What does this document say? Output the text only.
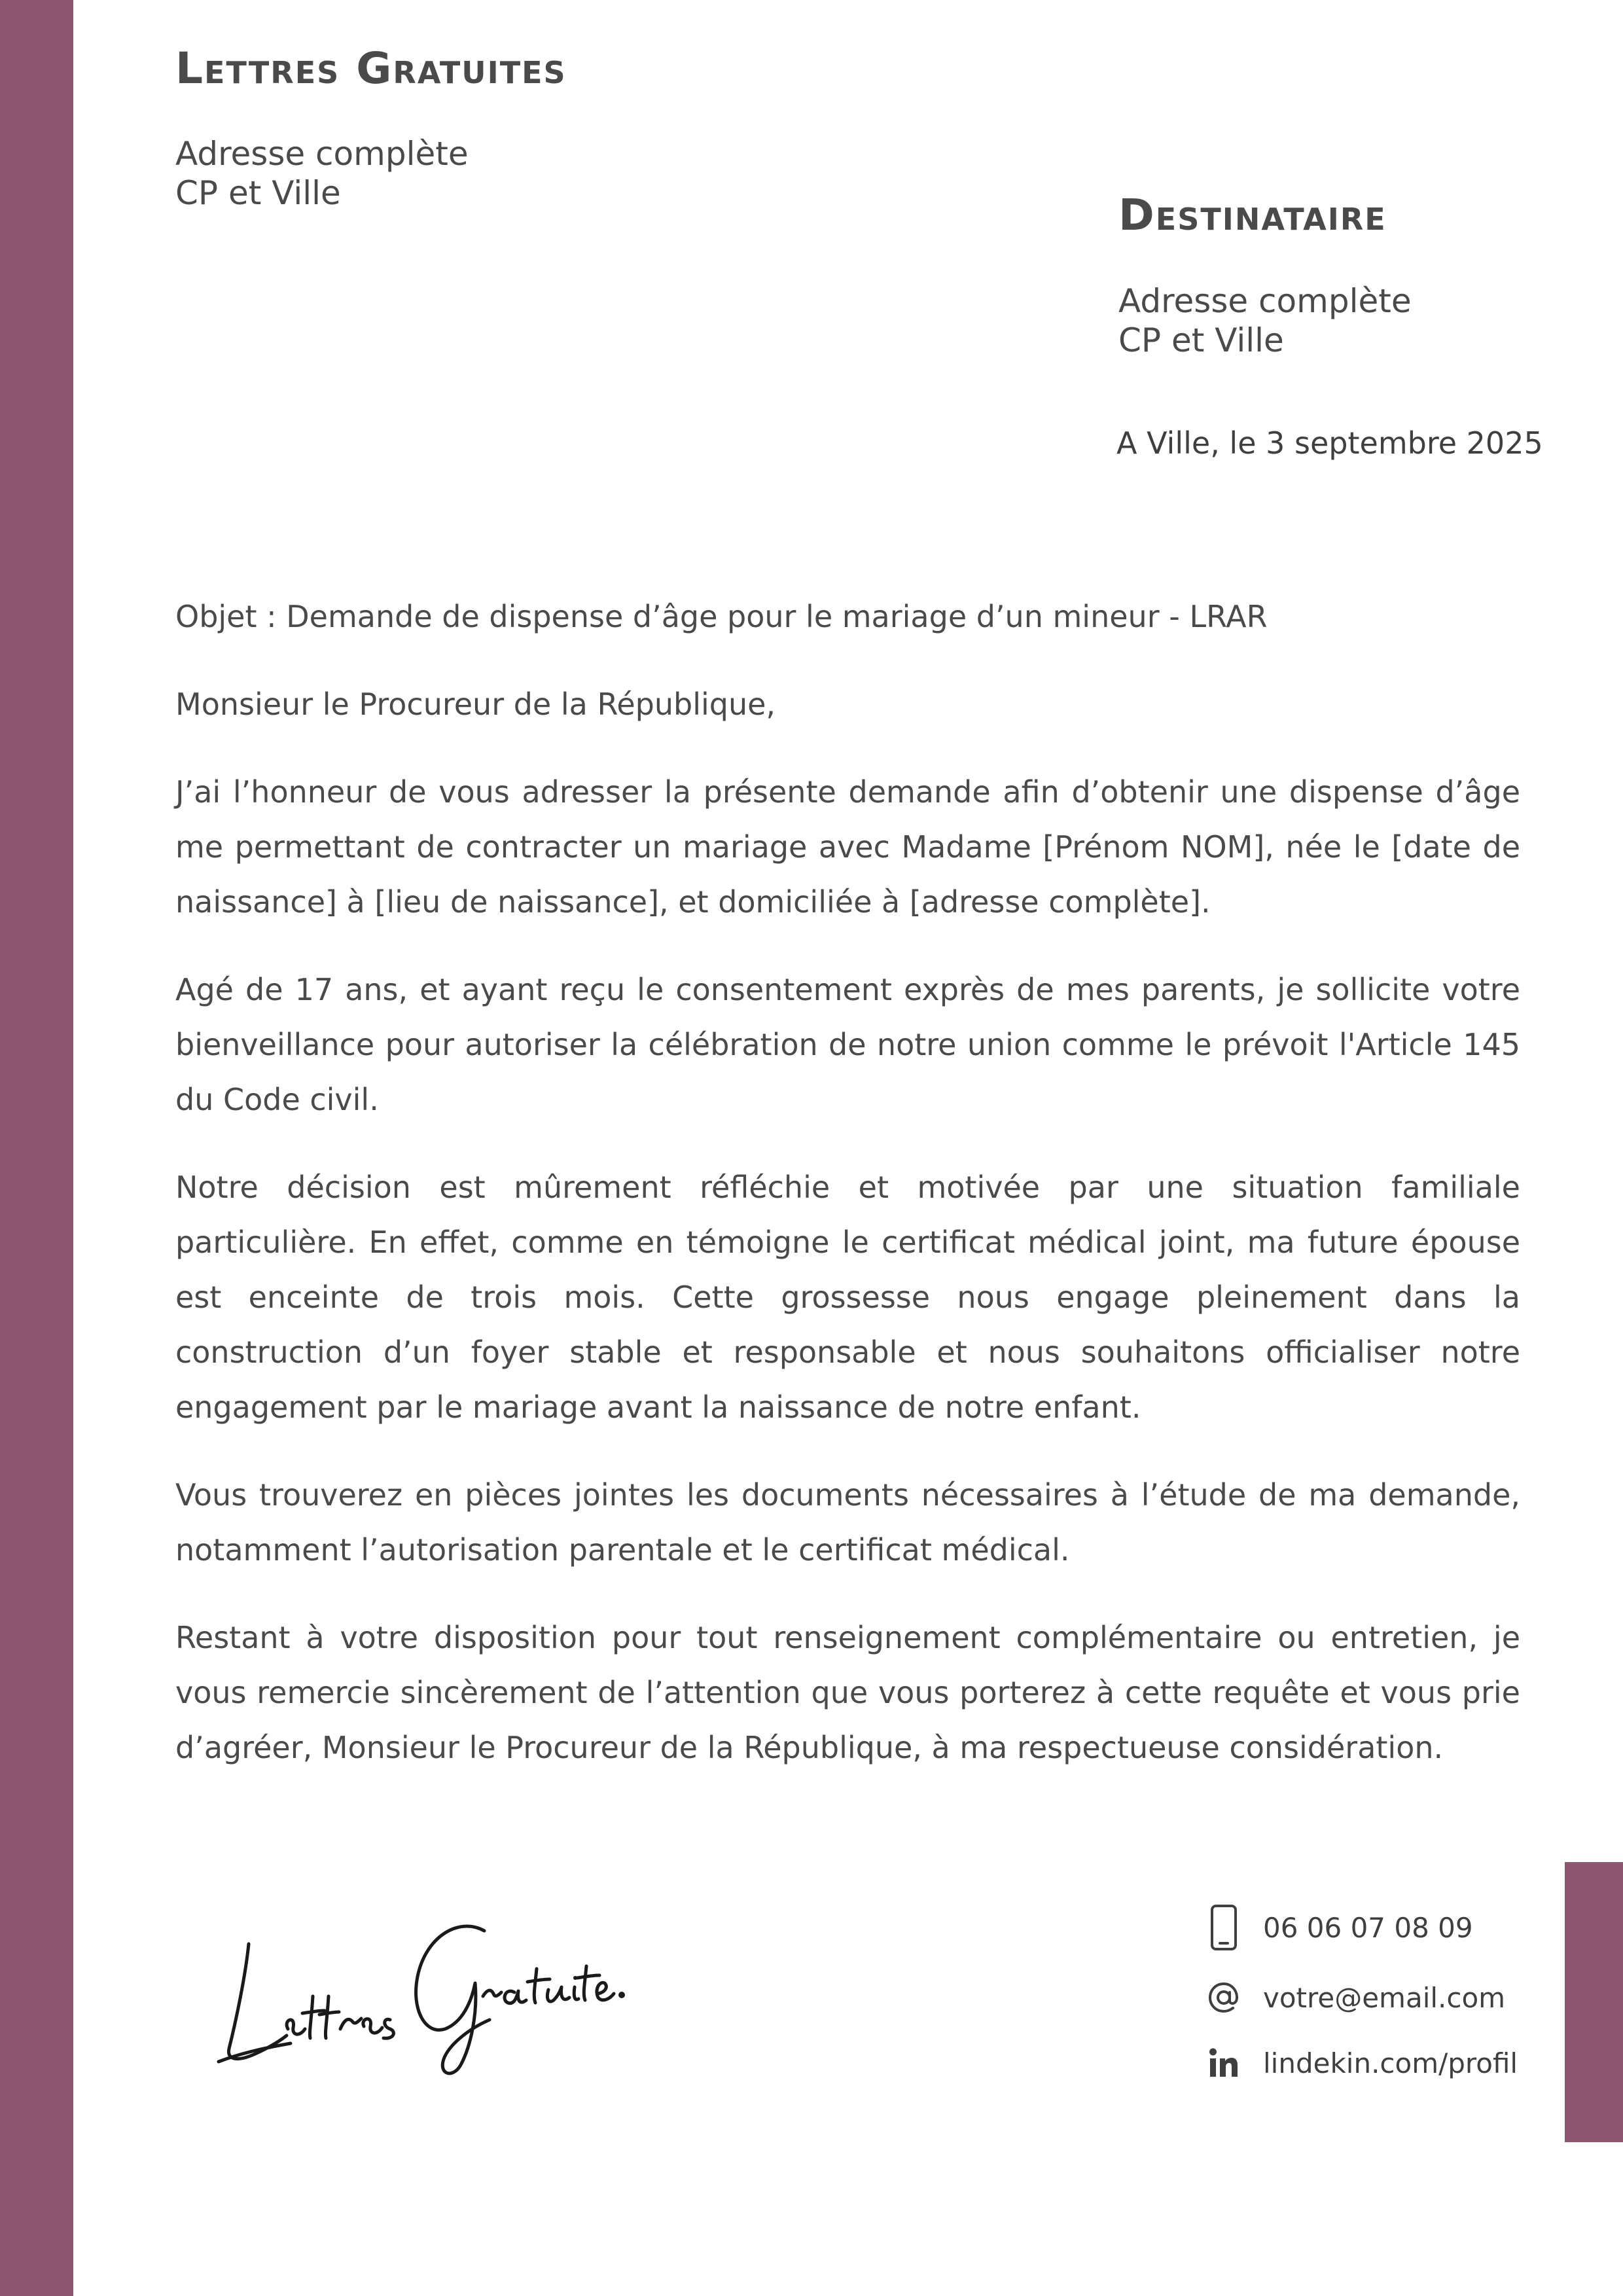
Lettres Gratuites
Adresse complète
CP et Ville	Destinataire
Adresse complète
CP et Ville
A Ville, le 3 septembre 2025

Objet : Demande de dispense d’âge pour le mariage d’un mineur - LRAR

Monsieur le Procureur de la République,

J’ai l’honneur de vous adresser la présente demande afin d’obtenir une dispense d’âge me permettant de contracter un mariage avec Madame [Prénom NOM], née le [date de naissance] à [lieu de naissance], et domiciliée à [adresse complète].

Agé de 17 ans, et ayant reçu le consentement exprès de mes parents, je sollicite votre bienveillance pour autoriser la célébration de notre union comme le prévoit l'Article 145 du Code civil.

Notre décision est mûrement réfléchie et motivée par une situation familiale particulière. En effet, comme en témoigne le certificat médical joint, ma future épouse est enceinte de trois mois. Cette grossesse nous engage pleinement dans la construction d’un foyer stable et responsable et nous souhaitons officialiser notre engagement par le mariage avant la naissance de notre enfant.

Vous trouverez en pièces jointes les documents nécessaires à l’étude de ma demande, notamment l’autorisation parentale et le certificat médical.

Restant à votre disposition pour tout renseignement complémentaire ou entretien, je vous remercie sincèrement de l’attention que vous porterez à cette requête et vous prie d’agréer, Monsieur le Procureur de la République, à ma respectueuse considération.

06 06 07 08 09
votre@email.com
lindekin.com/profil
